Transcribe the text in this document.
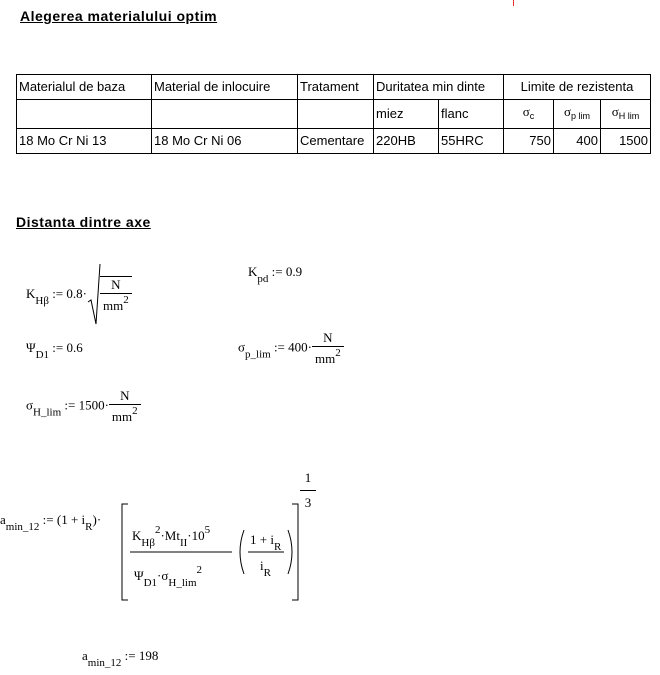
Alegerea materialului optim
Materialul de baza	Material de inlocuire	Tratament	Duritatea min dinte		Limite de rezistenta		
			miez	flanc	$\sigma_c$	$\sigma_{p lim}$	$\sigma_{H lim}$
18 Mo Cr Ni 13	18 Mo Cr Ni 06	Cementare	220HB	55HRC	750	400	1500
Distanta dintre axe
$K_{H\beta}$ := $0.8\cdot \frac{N}{mm^2}$
$K_{pd}$ := 0.9
$\Psi_{D1}$ := 0.6	$\sigma_{p\_lim}$ := $400\cdot \frac{N}{mm^2}$
$\sigma_{H\_lim}$ := $1500\cdot \frac{N}{mm^2}$
$a_{min\_12}$ := $(1 + i_R)\cdot$
$K_{H\beta}^2\cdot Mt_{II}\cdot 10^5$
$\Psi_{D1}\cdot\sigma_{H\_lim}^2$
$1 + i_R$
$i_R$
1
3
$a_{min\_12}$ := 198
